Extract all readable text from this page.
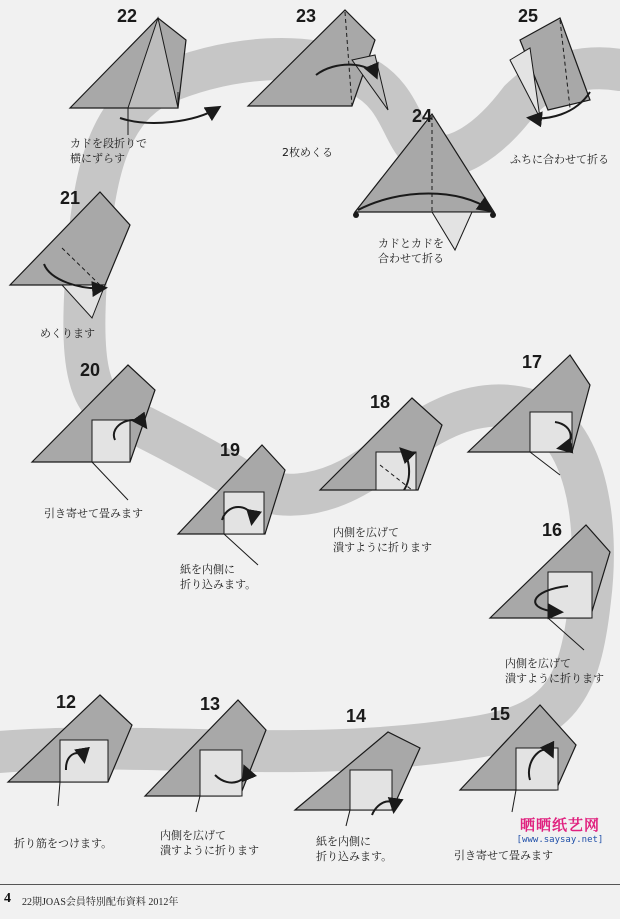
22
カドを段折りで
横にずらす
23
2枚めくる
25
ふちに合わせて折る
24
カドとカドを
合わせて折る
21
めくります
20
引き寄せて畳みます
19
紙を内側に
折り込みます。
18
内側を広げて
潰すように折ります
17
16
内側を広げて
潰すように折ります
12
折り筋をつけます。
13
内側を広げて
潰すように折ります
14
紙を内側に
折り込みます。
15
引き寄せて畳みます
晒晒纸艺网
[www.saysay.net]
4 22期JOAS会員特別配布資料 2012年
